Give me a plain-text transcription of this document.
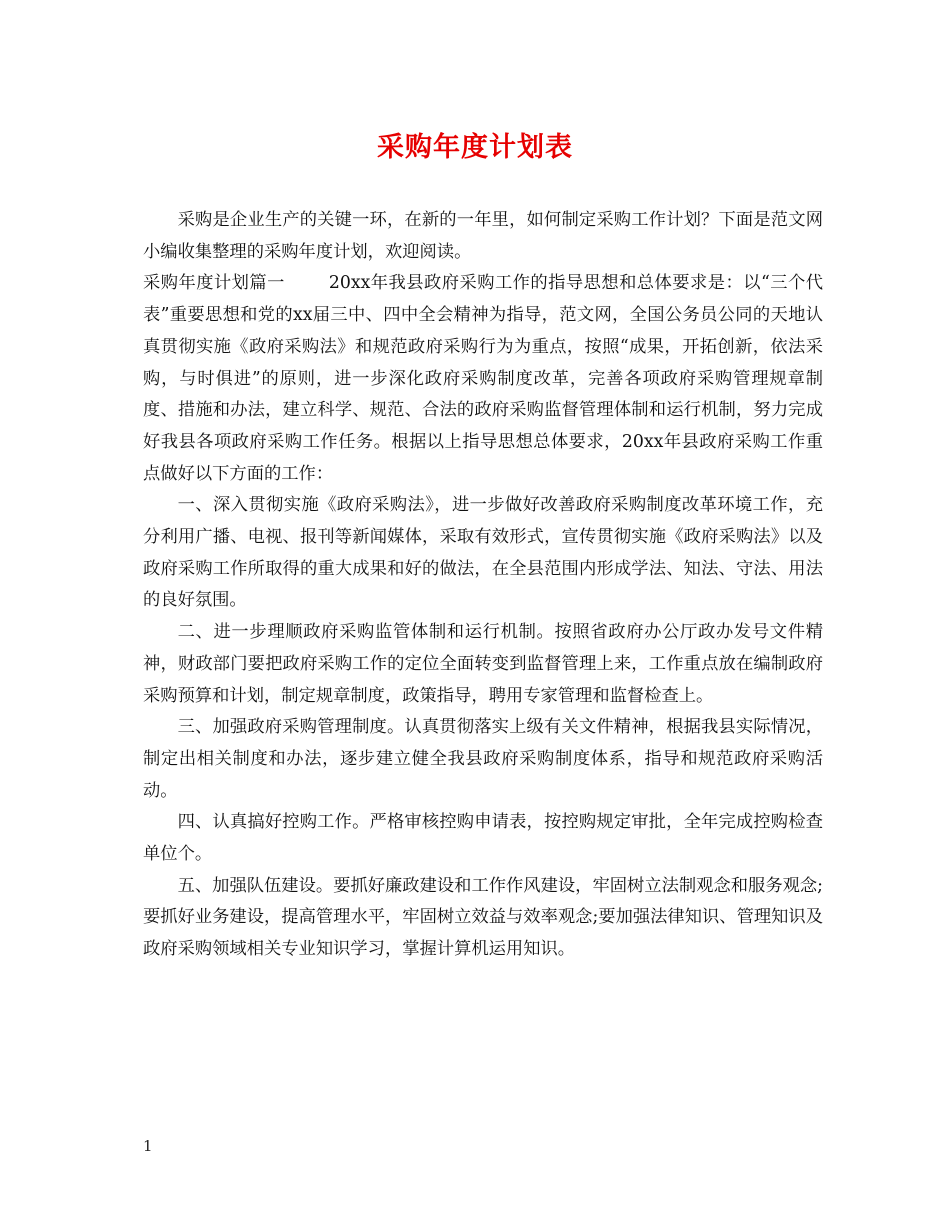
采购年度计划表

采购是企业生产的关键一环，在新的一年里，如何制定采购工作计划？下面是范文网小编收集整理的采购年度计划，欢迎阅读。

采购年度计划篇一	20xx年我县政府采购工作的指导思想和总体要求是：以“三个代表”重要思想和党的xx届三中、四中全会精神为指导，范文网，全国公务员公同的天地认真贯彻实施《政府采购法》和规范政府采购行为为重点，按照“成果，开拓创新，依法采购，与时俱进”的原则，进一步深化政府采购制度改革，完善各项政府采购管理规章制度、措施和办法，建立科学、规范、合法的政府采购监督管理体制和运行机制，努力完成好我县各项政府采购工作任务。根据以上指导思想总体要求，20xx年县政府采购工作重点做好以下方面的工作：

一、深入贯彻实施《政府采购法》，进一步做好改善政府采购制度改革环境工作，充分利用广播、电视、报刊等新闻媒体，采取有效形式，宣传贯彻实施《政府采购法》以及政府采购工作所取得的重大成果和好的做法，在全县范围内形成学法、知法、守法、用法的良好氛围。

二、进一步理顺政府采购监管体制和运行机制。按照省政府办公厅政办发号文件精神，财政部门要把政府采购工作的定位全面转变到监督管理上来，工作重点放在编制政府采购预算和计划，制定规章制度，政策指导，聘用专家管理和监督检查上。

三、加强政府采购管理制度。认真贯彻落实上级有关文件精神，根据我县实际情况，制定出相关制度和办法，逐步建立健全我县政府采购制度体系，指导和规范政府采购活动。

四、认真搞好控购工作。严格审核控购申请表，按控购规定审批，全年完成控购检查单位个。

五、加强队伍建设。要抓好廉政建设和工作作风建设，牢固树立法制观念和服务观念;要抓好业务建设，提高管理水平，牢固树立效益与效率观念;要加强法律知识、管理知识及政府采购领域相关专业知识学习，掌握计算机运用知识。

1
